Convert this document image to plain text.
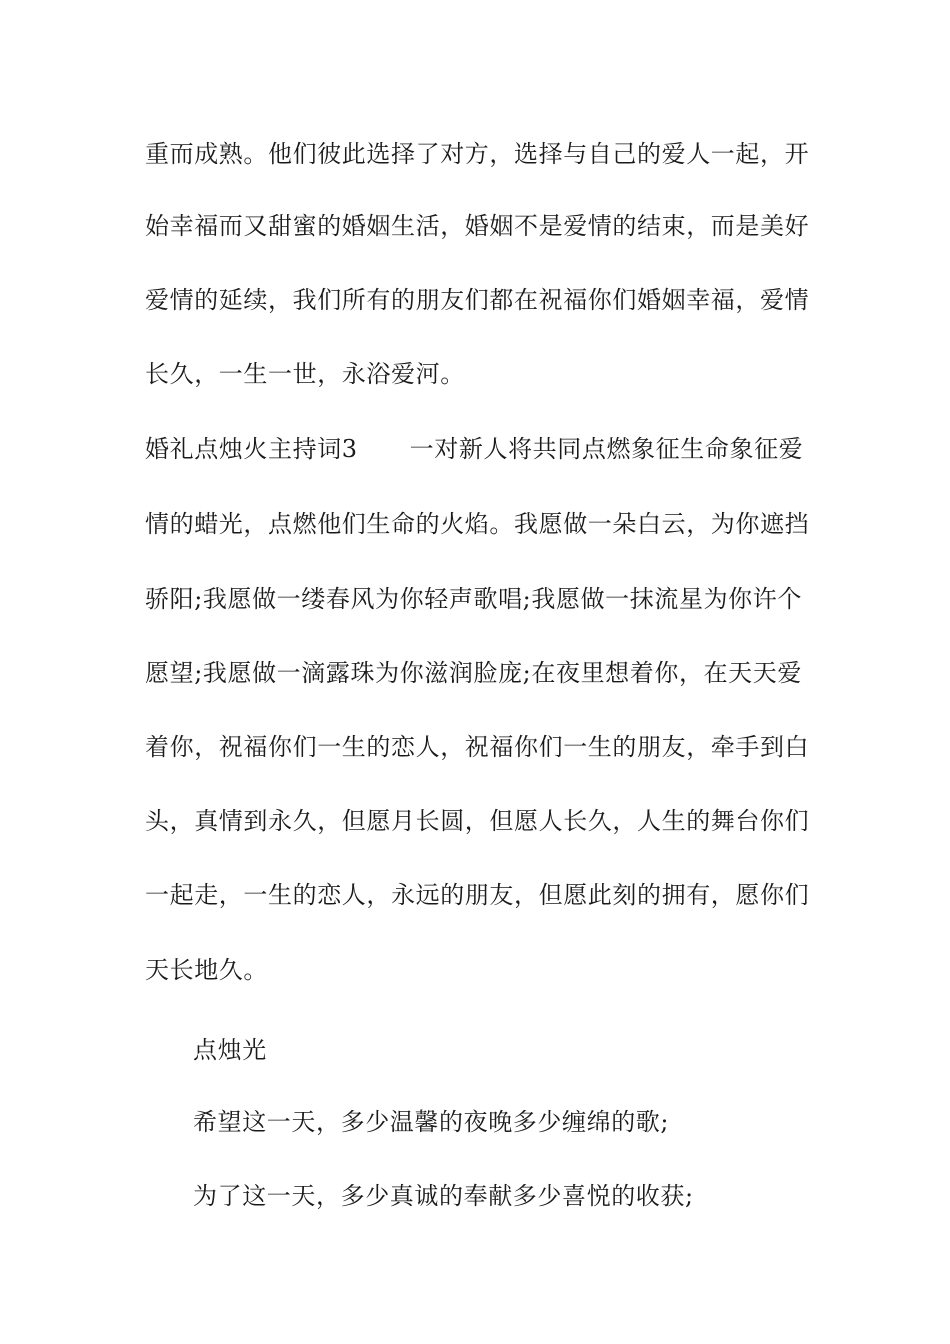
重而成熟。他们彼此选择了对方，选择与自己的爱人一起，开
始幸福而又甜蜜的婚姻生活，婚姻不是爱情的结束，而是美好
爱情的延续，我们所有的朋友们都在祝福你们婚姻幸福，爱情
长久，一生一世，永浴爱河。
婚礼点烛火主持词3 一对新人将共同点燃象征生命象征爱
情的蜡光，点燃他们生命的火焰。我愿做一朵白云，为你遮挡
骄阳;我愿做一缕春风为你轻声歌唱;我愿做一抹流星为你许个
愿望;我愿做一滴露珠为你滋润脸庞;在夜里想着你，在天天爱
着你，祝福你们一生的恋人，祝福你们一生的朋友，牵手到白
头，真情到永久，但愿月长圆，但愿人长久，人生的舞台你们
一起走，一生的恋人，永远的朋友，但愿此刻的拥有，愿你们
天长地久。
点烛光
希望这一天，多少温馨的夜晚多少缠绵的歌;
为了这一天，多少真诚的奉献多少喜悦的收获;
